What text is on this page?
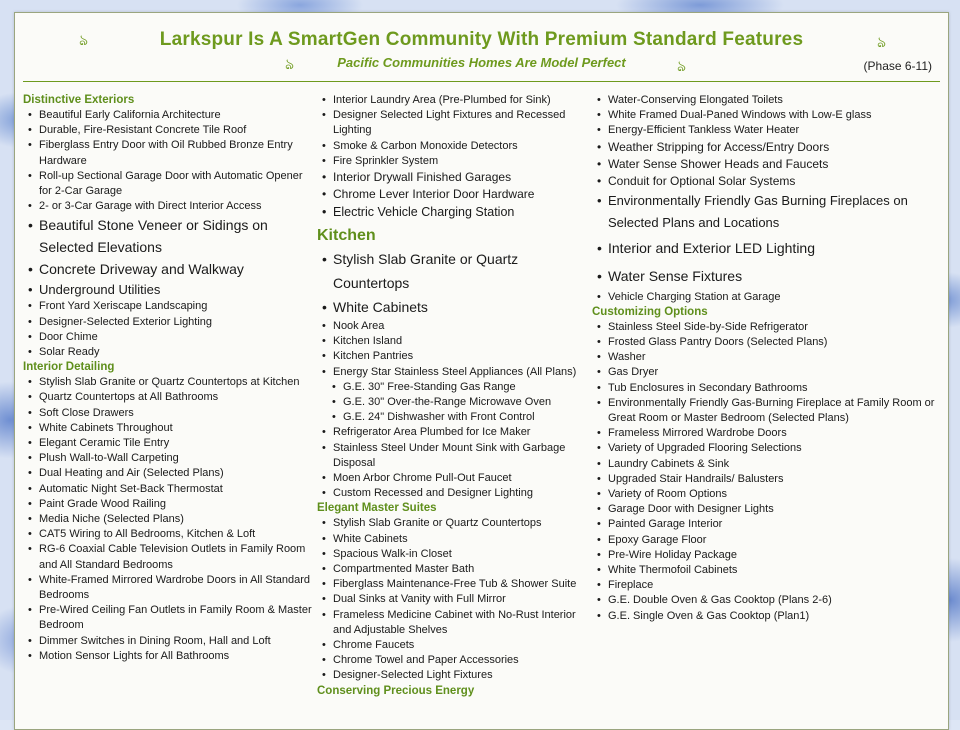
ঌ	ঌ
ঌ	ঌ
Larkspur Is A SmartGen Community With Premium Standard Features
Pacific Communities Homes Are Model Perfect	(Phase 6-11)
Distinctive Exteriors
• Beautiful Early California Architecture
• Durable, Fire-Resistant Concrete Tile Roof
• Fiberglass Entry Door with Oil Rubbed Bronze Entry Hardware
• Roll-up Sectional Garage Door with Automatic Opener for 2-Car Garage
• 2- or 3-Car Garage with Direct Interior Access
• Beautiful Stone Veneer or Sidings on Selected Elevations
• Concrete Driveway and Walkway
• Underground Utilities
• Front Yard Xeriscape Landscaping
• Designer-Selected Exterior Lighting
• Door Chime
• Solar Ready
Interior Detailing
• Stylish Slab Granite or Quartz Countertops at Kitchen
• Quartz Countertops at All Bathrooms
• Soft Close Drawers
• White Cabinets Throughout
• Elegant Ceramic Tile Entry
• Plush Wall-to-Wall Carpeting
• Dual Heating and Air (Selected Plans)
• Automatic Night Set-Back Thermostat
• Paint Grade Wood Railing
• Media Niche (Selected Plans)
• CAT5 Wiring to All Bedrooms, Kitchen & Loft
• RG-6 Coaxial Cable Television Outlets in Family Room and All Standard Bedrooms
• White-Framed Mirrored Wardrobe Doors in All Standard Bedrooms
• Pre-Wired Ceiling Fan Outlets in Family Room & Master Bedroom
• Dimmer Switches in Dining Room, Hall and Loft
• Motion Sensor Lights for All Bathrooms
• Interior Laundry Area (Pre-Plumbed for Sink)
• Designer Selected Light Fixtures and Recessed Lighting
• Smoke & Carbon Monoxide Detectors
• Fire Sprinkler System
• Interior Drywall Finished Garages
• Chrome Lever Interior Door Hardware
• Electric Vehicle Charging Station
Kitchen
• Stylish Slab Granite or Quartz Countertops
• White Cabinets
• Nook Area
• Kitchen Island
• Kitchen Pantries
• Energy Star Stainless Steel Appliances (All Plans)
• G.E. 30" Free-Standing Gas Range
• G.E. 30" Over-the-Range Microwave Oven
• G.E. 24" Dishwasher with Front Control
• Refrigerator Area Plumbed for Ice Maker
• Stainless Steel Under Mount Sink with Garbage Disposal
• Moen Arbor Chrome Pull-Out Faucet
• Custom Recessed and Designer Lighting
Elegant Master Suites
• Stylish Slab Granite or Quartz Countertops
• White Cabinets
• Spacious Walk-in Closet
• Compartmented Master Bath
• Fiberglass Maintenance-Free Tub & Shower Suite
• Dual Sinks at Vanity with Full Mirror
• Frameless Medicine Cabinet with No-Rust Interior and Adjustable Shelves
• Chrome Faucets
• Chrome Towel and Paper Accessories
• Designer-Selected Light Fixtures
Conserving Precious Energy
• Water-Conserving Elongated Toilets
• White Framed Dual-Paned Windows with Low-E glass
• Energy-Efficient Tankless Water Heater
• Weather Stripping for Access/Entry Doors
• Water Sense Shower Heads and Faucets
• Conduit for Optional Solar Systems
• Environmentally Friendly Gas Burning Fireplaces on Selected Plans and Locations
• Interior and Exterior LED Lighting
• Water Sense Fixtures
• Vehicle Charging Station at Garage
Customizing Options
• Stainless Steel Side-by-Side Refrigerator
• Frosted Glass Pantry Doors (Selected Plans)
• Washer
• Gas Dryer
• Tub Enclosures in Secondary Bathrooms
• Environmentally Friendly Gas-Burning Fireplace at Family Room or Great Room or Master Bedroom (Selected Plans)
• Frameless Mirrored Wardrobe Doors
• Variety of Upgraded Flooring Selections
• Laundry Cabinets & Sink
• Upgraded Stair Handrails/ Balusters
• Variety of Room Options
• Garage Door with Designer Lights
• Painted Garage Interior
• Epoxy Garage Floor
• Pre-Wire Holiday Package
• White Thermofoil Cabinets
• Fireplace
• G.E. Double Oven & Gas Cooktop (Plans 2-6)
• G.E. Single Oven & Gas Cooktop (Plan1)
